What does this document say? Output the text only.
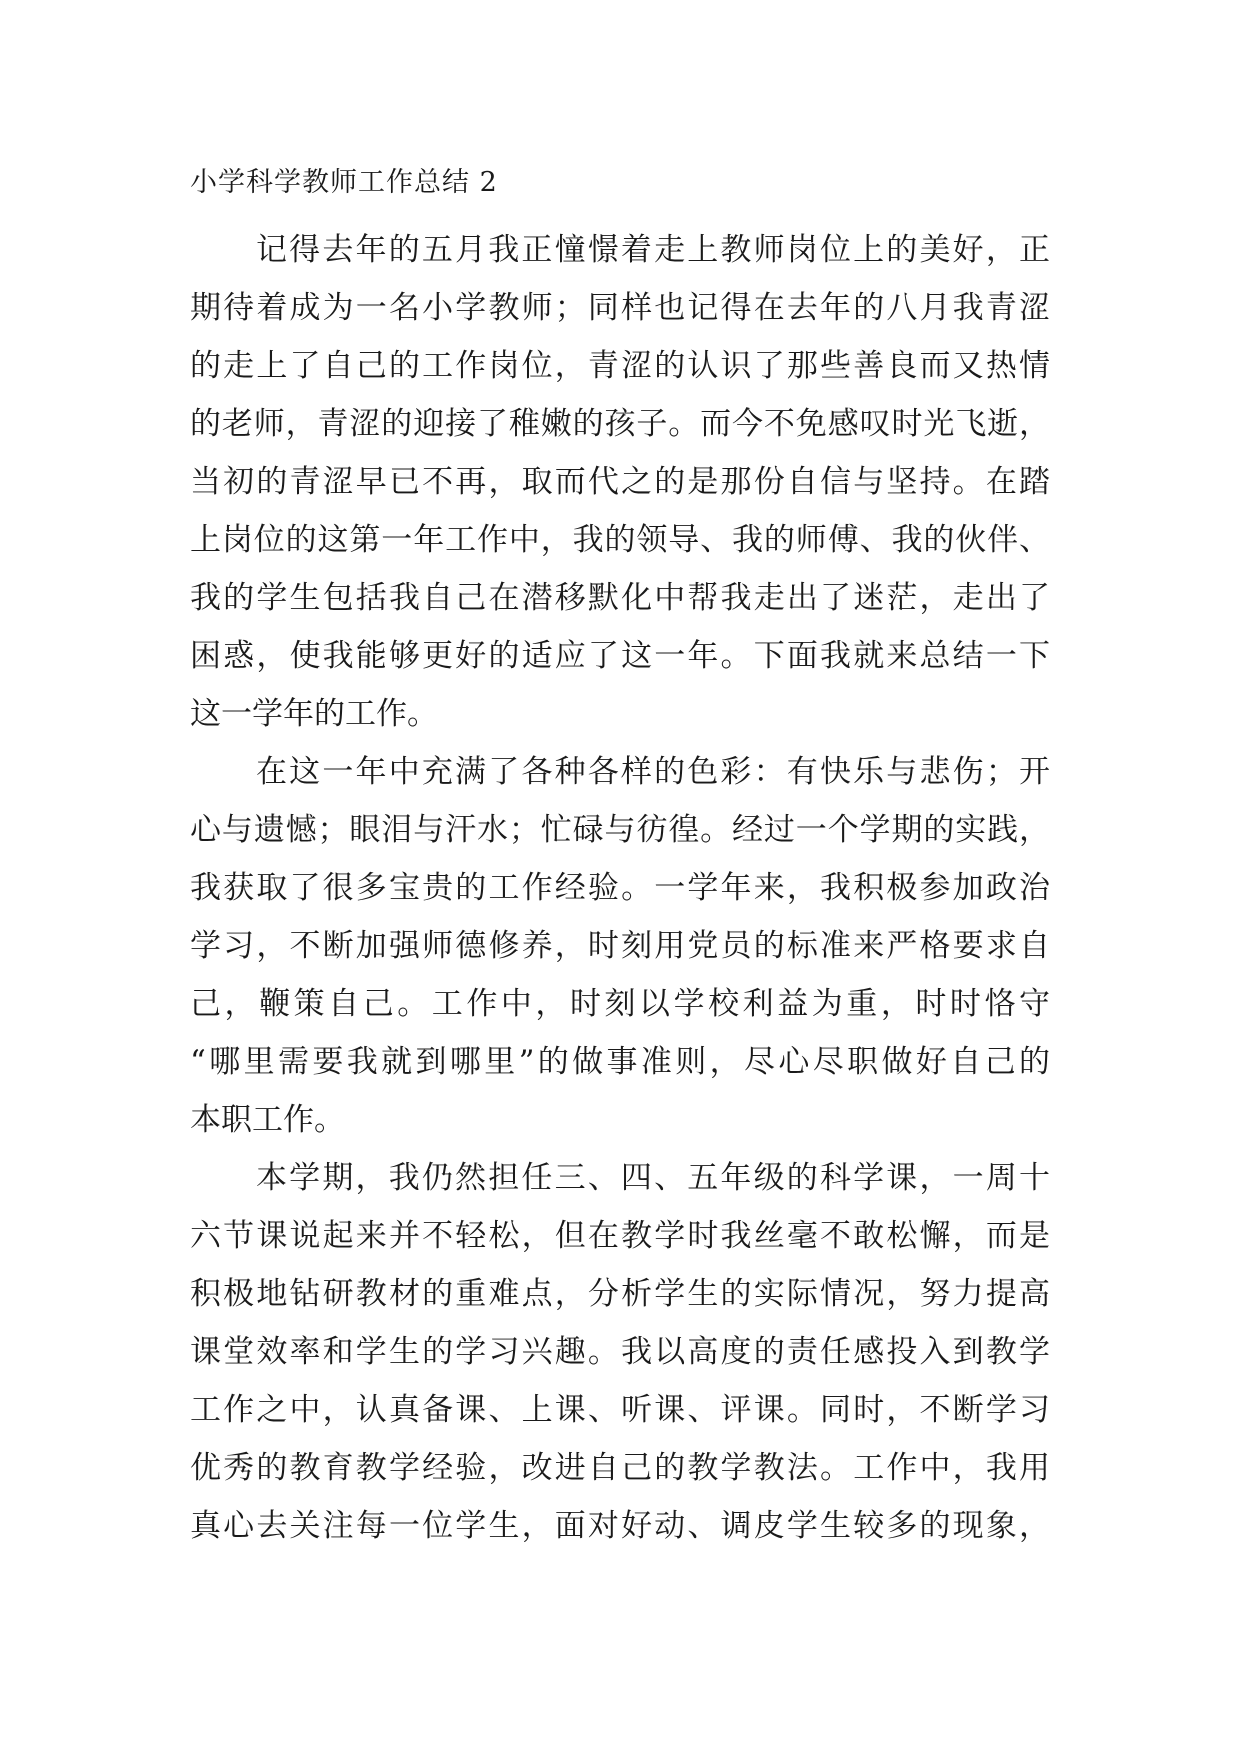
小学科学教师工作总结 2
记得去年的五月我正憧憬着走上教师岗位上的美好，正
期待着成为一名小学教师；同样也记得在去年的八月我青涩
的走上了自己的工作岗位，青涩的认识了那些善良而又热情
的老师，青涩的迎接了稚嫩的孩子。而今不免感叹时光飞逝，
当初的青涩早已不再，取而代之的是那份自信与坚持。在踏
上岗位的这第一年工作中，我的领导、我的师傅、我的伙伴、
我的学生包括我自己在潜移默化中帮我走出了迷茫，走出了
困惑，使我能够更好的适应了这一年。下面我就来总结一下
这一学年的工作。
在这一年中充满了各种各样的色彩：有快乐与悲伤；开
心与遗憾；眼泪与汗水；忙碌与彷徨。经过一个学期的实践，
我获取了很多宝贵的工作经验。一学年来，我积极参加政治
学习，不断加强师德修养，时刻用党员的标准来严格要求自
己，鞭策自己。工作中，时刻以学校利益为重，时时恪守
“哪里需要我就到哪里”的做事准则，尽心尽职做好自己的
本职工作。
本学期，我仍然担任三、四、五年级的科学课，一周十
六节课说起来并不轻松，但在教学时我丝毫不敢松懈，而是
积极地钻研教材的重难点，分析学生的实际情况，努力提高
课堂效率和学生的学习兴趣。我以高度的责任感投入到教学
工作之中，认真备课、上课、听课、评课。同时，不断学习
优秀的教育教学经验，改进自己的教学教法。工作中，我用
真心去关注每一位学生，面对好动、调皮学生较多的现象，
